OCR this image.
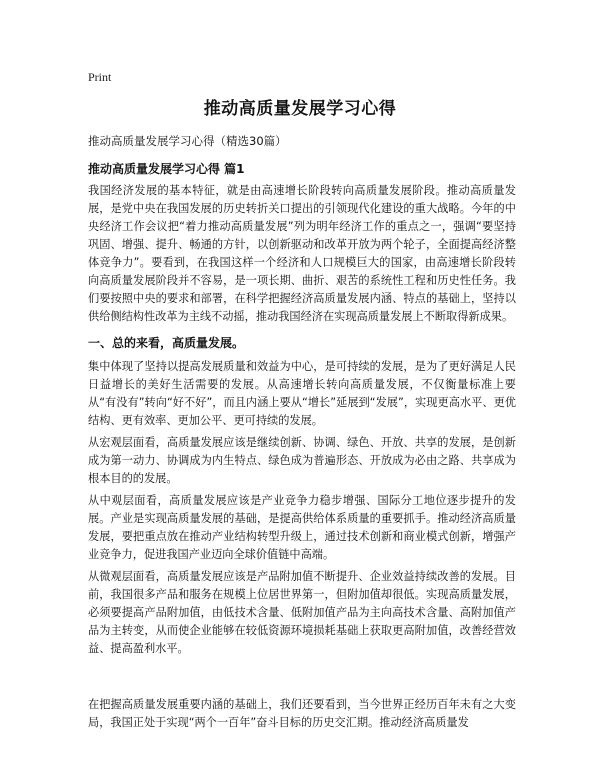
Print
推动高质量发展学习心得
推动高质量发展学习心得（精选30篇）
推动高质量发展学习心得 篇1

我国经济发展的基本特征，就是由高速增长阶段转向高质量发展阶段。推动高质量发展，是党中央在我国发展的历史转折关口提出的引领现代化建设的重大战略。今年的中央经济工作会议把“着力推动高质量发展”列为明年经济工作的重点之一，强调“要坚持巩固、增强、提升、畅通的方针，以创新驱动和改革开放为两个轮子，全面提高经济整体竞争力”。要看到，在我国这样一个经济和人口规模巨大的国家，由高速增长阶段转向高质量发展阶段并不容易，是一项长期、曲折、艰苦的系统性工程和历史性任务。我们要按照中央的要求和部署，在科学把握经济高质量发展内涵、特点的基础上，坚持以供给侧结构性改革为主线不动摇，推动我国经济在实现高质量发展上不断取得新成果。

一、总的来看，高质量发展。

集中体现了坚持以提高发展质量和效益为中心，是可持续的发展，是为了更好满足人民日益增长的美好生活需要的发展。从高速增长转向高质量发展，不仅衡量标准上要从“有没有”转向“好不好”，而且内涵上要从“增长”延展到“发展”，实现更高水平、更优结构、更有效率、更加公平、更可持续的发展。

从宏观层面看，高质量发展应该是继续创新、协调、绿色、开放、共享的发展，是创新成为第一动力、协调成为内生特点、绿色成为普遍形态、开放成为必由之路、共享成为根本目的的发展。

从中观层面看，高质量发展应该是产业竞争力稳步增强、国际分工地位逐步提升的发展。产业是实现高质量发展的基础，是提高供给体系质量的重要抓手。推动经济高质量发展，要把重点放在推动产业结构转型升级上，通过技术创新和商业模式创新，增强产业竞争力，促进我国产业迈向全球价值链中高端。

从微观层面看，高质量发展应该是产品附加值不断提升、企业效益持续改善的发展。目前，我国很多产品和服务在规模上位居世界第一，但附加值却很低。实现高质量发展，必须要提高产品附加值，由低技术含量、低附加值产品为主向高技术含量、高附加值产品为主转变，从而使企业能够在较低资源环境损耗基础上获取更高附加值，改善经营效益、提高盈利水平。

在把握高质量发展重要内涵的基础上，我们还要看到，当今世界正经历百年未有之大变局，我国正处于实现“两个一百年”奋斗目标的历史交汇期。推动经济高质量发
